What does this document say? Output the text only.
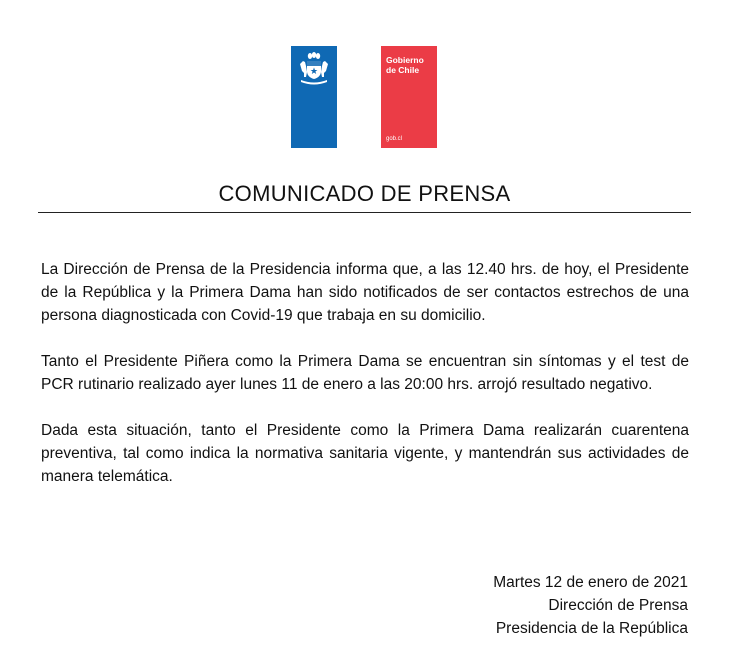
Gobierno
de Chile
gob.cl
COMUNICADO DE PRENSA

La Dirección de Prensa de la Presidencia informa que, a las 12.40 hrs. de hoy, el Presidente de la República y la Primera Dama han sido notificados de ser contactos estrechos de una persona diagnosticada con Covid-19 que trabaja en su domicilio.

Tanto el Presidente Piñera como la Primera Dama se encuentran sin síntomas y el test de PCR rutinario realizado ayer lunes 11 de enero a las 20:00 hrs. arrojó resultado negativo.

Dada esta situación, tanto el Presidente como la Primera Dama realizarán cuarentena preventiva, tal como indica la normativa sanitaria vigente, y mantendrán sus actividades de manera telemática.

Martes 12 de enero de 2021
Dirección de Prensa
Presidencia de la República
